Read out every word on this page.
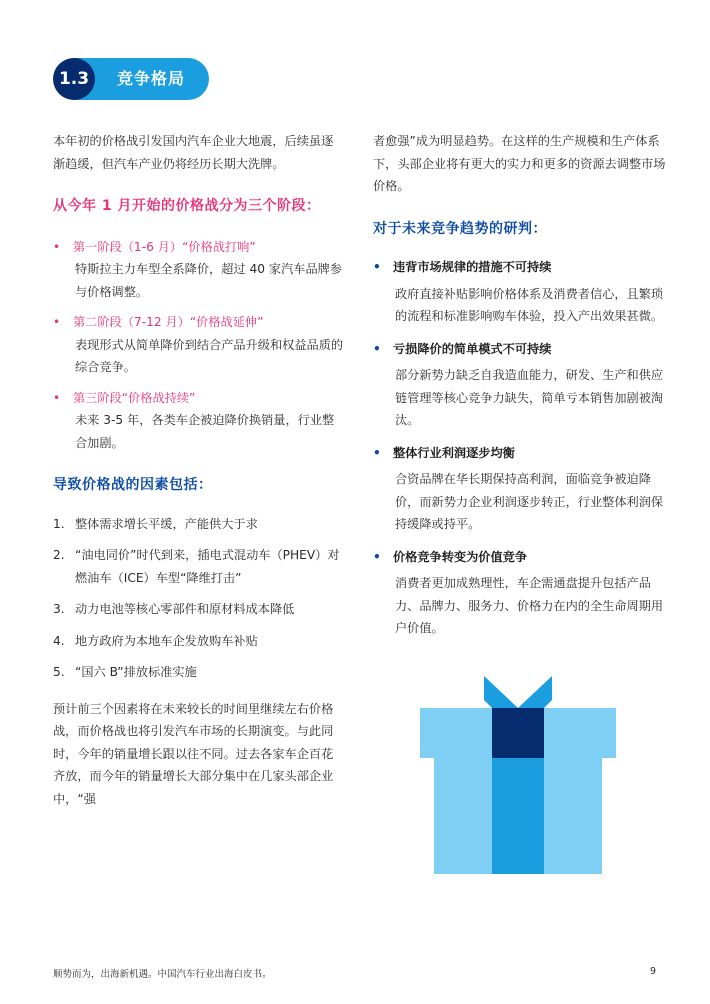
1.3	竞争格局

本年初的价格战引发国内汽车企业大地震，后续虽逐渐趋缓，但汽车产业仍将经历长期大洗牌。

从今年 1 月开始的价格战分为三个阶段：
•	第一阶段（1-6 月）“价格战打响”
特斯拉主力车型全系降价，超过 40 家汽车品牌参与价格调整。
•	第二阶段（7-12 月）“价格战延伸”
表现形式从简单降价到结合产品升级和权益品质的综合竞争。
•	第三阶段“价格战持续”
未来 3-5 年，各类车企被迫降价换销量，行业整合加剧。
导致价格战的因素包括：
1. 整体需求增长平缓，产能供大于求
2. “油电同价”时代到来，插电式混动车（PHEV）对燃油车（ICE）车型“降维打击”
3. 动力电池等核心零部件和原材料成本降低
4. 地方政府为本地车企发放购车补贴
5. “国六 B”排放标准实施

预计前三个因素将在未来较长的时间里继续左右价格战，而价格战也将引发汽车市场的长期演变。与此同时，今年的销量增长跟以往不同。过去各家车企百花齐放，而今年的销量增长大部分集中在几家头部企业中，“强

者愈强”成为明显趋势。在这样的生产规模和生产体系下，头部企业将有更大的实力和更多的资源去调整市场价格。

对于未来竞争趋势的研判：
•	违背市场规律的措施不可持续
政府直接补贴影响价格体系及消费者信心，且繁琐的流程和标准影响购车体验，投入产出效果甚微。
•	亏损降价的简单模式不可持续
部分新势力缺乏自我造血能力，研发、生产和供应链管理等核心竞争力缺失，简单亏本销售加剧被淘汰。
•	整体行业利润逐步均衡
合资品牌在华长期保持高利润，面临竞争被迫降价，而新势力企业利润逐步转正，行业整体利润保持缓降或持平。
•	价格竞争转变为价值竞争
消费者更加成熟理性，车企需通盘提升包括产品力、品牌力、服务力、价格力在内的全生命周期用户价值。
顺势而为，出海新机遇。中国汽车行业出海白皮书。	9
